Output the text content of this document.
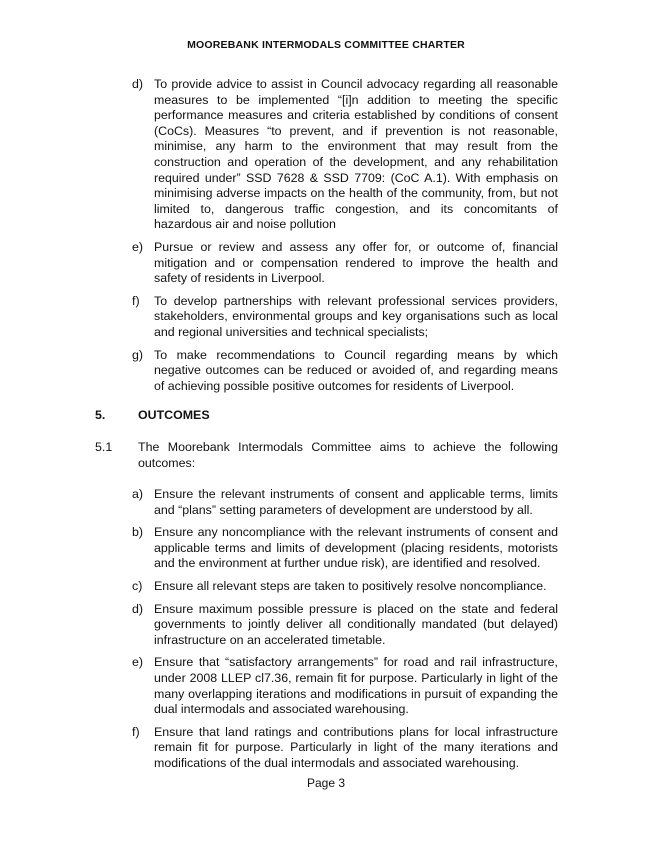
MOOREBANK INTERMODALS COMMITTEE CHARTER
d) To provide advice to assist in Council advocacy regarding all reasonable measures to be implemented “[i]n addition to meeting the specific performance measures and criteria established by conditions of consent (CoCs). Measures “to prevent, and if prevention is not reasonable, minimise, any harm to the environment that may result from the construction and operation of the development, and any rehabilitation required under” SSD 7628 & SSD 7709: (CoC A.1). With emphasis on minimising adverse impacts on the health of the community, from, but not limited to, dangerous traffic congestion, and its concomitants of hazardous air and noise pollution
e) Pursue or review and assess any offer for, or outcome of, financial mitigation and or compensation rendered to improve the health and safety of residents in Liverpool.
f) To develop partnerships with relevant professional services providers, stakeholders, environmental groups and key organisations such as local and regional universities and technical specialists;
g) To make recommendations to Council regarding means by which negative outcomes can be reduced or avoided of, and regarding means of achieving possible positive outcomes for residents of Liverpool.
5.	OUTCOMES
5.1 The Moorebank Intermodals Committee aims to achieve the following outcomes:
a) Ensure the relevant instruments of consent and applicable terms, limits and “plans” setting parameters of development are understood by all.
b) Ensure any noncompliance with the relevant instruments of consent and applicable terms and limits of development (placing residents, motorists and the environment at further undue risk), are identified and resolved.
c) Ensure all relevant steps are taken to positively resolve noncompliance.
d) Ensure maximum possible pressure is placed on the state and federal governments to jointly deliver all conditionally mandated (but delayed) infrastructure on an accelerated timetable.
e) Ensure that “satisfactory arrangements” for road and rail infrastructure, under 2008 LLEP cl7.36, remain fit for purpose. Particularly in light of the many overlapping iterations and modifications in pursuit of expanding the dual intermodals and associated warehousing.
f) Ensure that land ratings and contributions plans for local infrastructure remain fit for purpose. Particularly in light of the many iterations and modifications of the dual intermodals and associated warehousing.
Page 3
